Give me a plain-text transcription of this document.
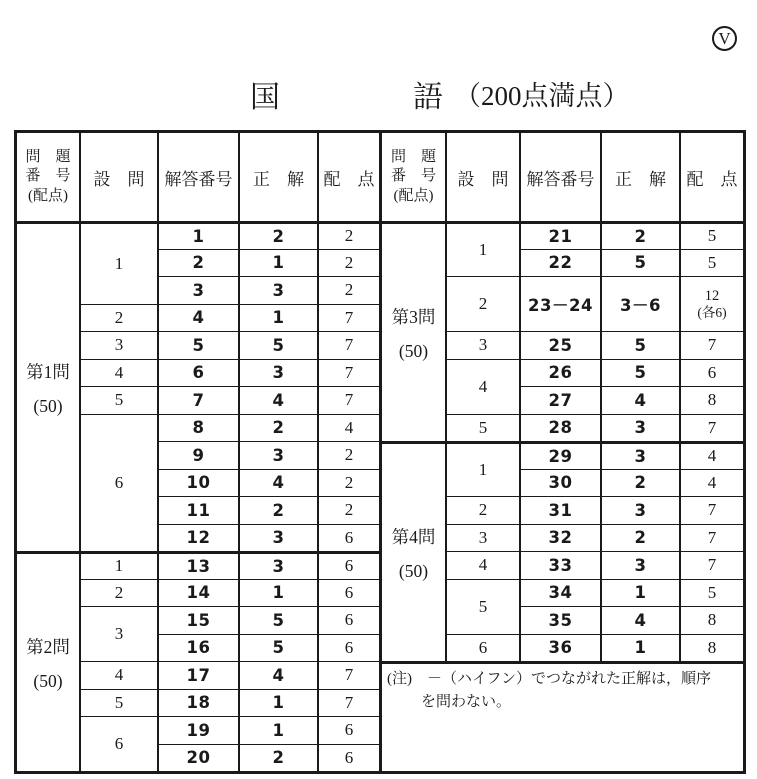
V
国	語 （200点満点）
問　題
番　号
(配点)
設　問	解答番号	正　解	配　点
問　題
番　号
(配点)
設　問	解答番号	正　解	配　点
第1問
(50)
1
1	2	2
2	1	2
3	3	2
2	4	1	7
3	5	5	7
4	6	3	7
5	7	4	7
6
8	2	4
9	3	2
10	4	2
11	2	2
12	3	6
第2問
(50)
1	13	3	6
2	14	1	6
3
15	5	6
16	5	6
4	17	4	7
5	18	1	7
6
19	1	6
20	2	6
第3問
(50)
1
21	2	5
22	5	5
2	23－24	3－6
12
(各6)
3	25	5	7
4
26	5	6
27	4	8
5	28	3	7
第4問
(50)
1
29	3	4
30	2	4
2	31	3	7
3	32	2	7
4	33	3	7
5
34	1	5
35	4	8
6	36	1	8
(注)　－（ハイフン）でつながれた正解は，順序
を問わない。
